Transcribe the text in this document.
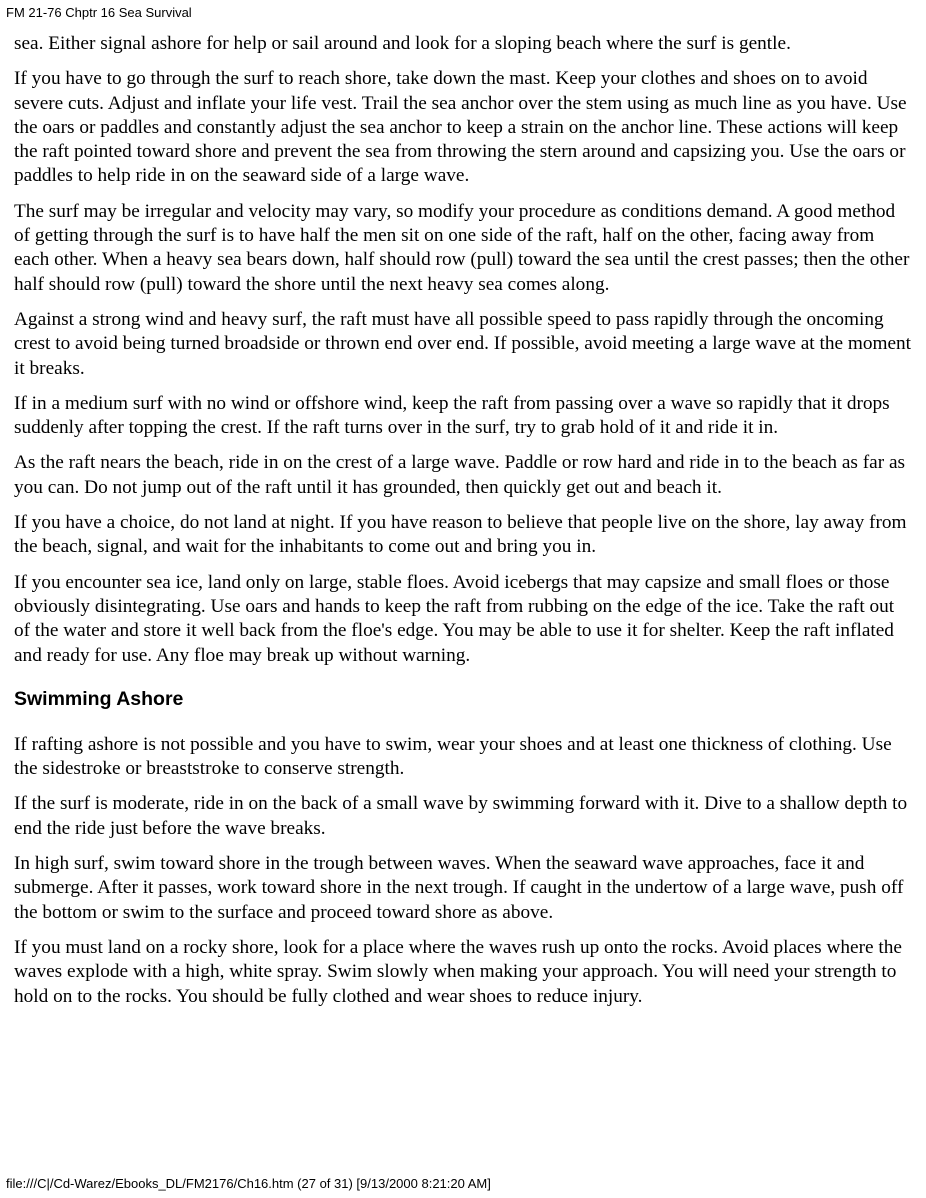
FM 21-76 Chptr 16 Sea Survival

sea. Either signal ashore for help or sail around and look for a sloping beach where the surf is gentle.

If you have to go through the surf to reach shore, take down the mast. Keep your clothes and shoes on to avoid severe cuts. Adjust and inflate your life vest. Trail the sea anchor over the stem using as much line as you have. Use the oars or paddles and constantly adjust the sea anchor to keep a strain on the anchor line. These actions will keep the raft pointed toward shore and prevent the sea from throwing the stern around and capsizing you. Use the oars or paddles to help ride in on the seaward side of a large wave.

The surf may be irregular and velocity may vary, so modify your procedure as conditions demand. A good method of getting through the surf is to have half the men sit on one side of the raft, half on the other, facing away from each other. When a heavy sea bears down, half should row (pull) toward the sea until the crest passes; then the other half should row (pull) toward the shore until the next heavy sea comes along.

Against a strong wind and heavy surf, the raft must have all possible speed to pass rapidly through the oncoming crest to avoid being turned broadside or thrown end over end. If possible, avoid meeting a large wave at the moment it breaks.

If in a medium surf with no wind or offshore wind, keep the raft from passing over a wave so rapidly that it drops suddenly after topping the crest. If the raft turns over in the surf, try to grab hold of it and ride it in.

As the raft nears the beach, ride in on the crest of a large wave. Paddle or row hard and ride in to the beach as far as you can. Do not jump out of the raft until it has grounded, then quickly get out and beach it.

If you have a choice, do not land at night. If you have reason to believe that people live on the shore, lay away from the beach, signal, and wait for the inhabitants to come out and bring you in.

If you encounter sea ice, land only on large, stable floes. Avoid icebergs that may capsize and small floes or those obviously disintegrating. Use oars and hands to keep the raft from rubbing on the edge of the ice. Take the raft out of the water and store it well back from the floe's edge. You may be able to use it for shelter. Keep the raft inflated and ready for use. Any floe may break up without warning.

Swimming Ashore

If rafting ashore is not possible and you have to swim, wear your shoes and at least one thickness of clothing. Use the sidestroke or breaststroke to conserve strength.

If the surf is moderate, ride in on the back of a small wave by swimming forward with it. Dive to a shallow depth to end the ride just before the wave breaks.

In high surf, swim toward shore in the trough between waves. When the seaward wave approaches, face it and submerge. After it passes, work toward shore in the next trough. If caught in the undertow of a large wave, push off the bottom or swim to the surface and proceed toward shore as above.

If you must land on a rocky shore, look for a place where the waves rush up onto the rocks. Avoid places where the waves explode with a high, white spray. Swim slowly when making your approach. You will need your strength to hold on to the rocks. You should be fully clothed and wear shoes to reduce injury.

file:///C|/Cd-Warez/Ebooks_DL/FM2176/Ch16.htm (27 of 31) [9/13/2000 8:21:20 AM]
